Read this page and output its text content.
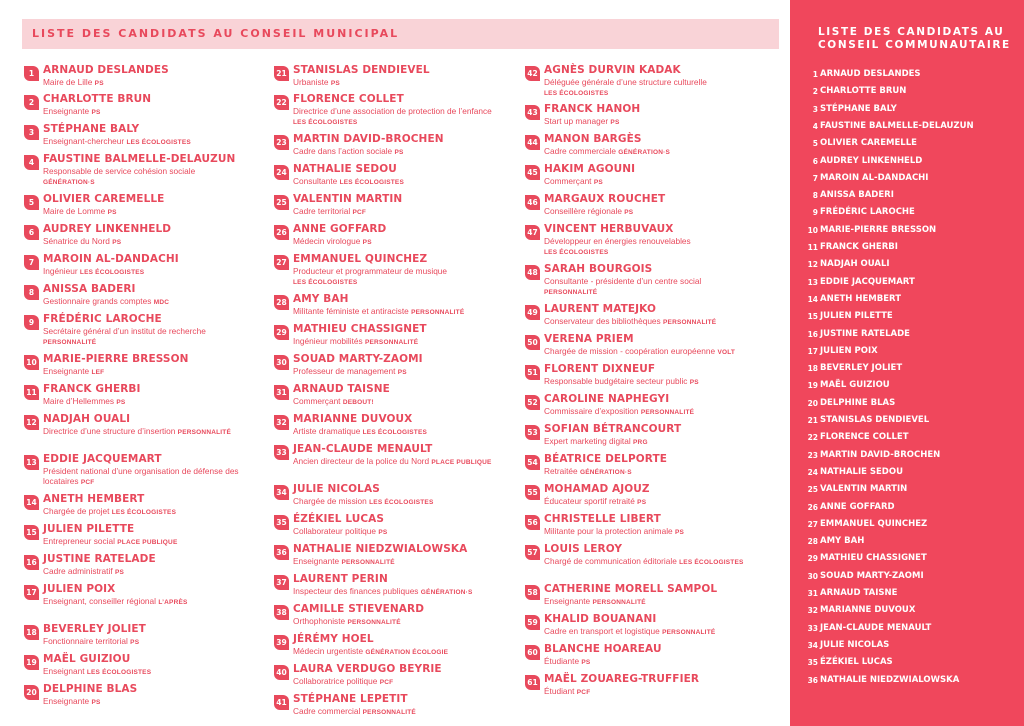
LISTE DES CANDIDATS AU CONSEIL MUNICIPAL
1 ARNAUD DESLANDES
Maire de Lille PS
2 CHARLOTTE BRUN
Enseignante PS
3 STÉPHANE BALY
Enseignant-chercheur LES ÉCOLOGISTES
4 FAUSTINE BALMELLE-DELAUZUN
Responsable de service cohésion sociale GÉNÉRATION·S
5 OLIVIER CAREMELLE
Maire de Lomme PS
6 AUDREY LINKENHELD
Sénatrice du Nord PS
7 MAROIN AL-DANDACHI
Ingénieur LES ÉCOLOGISTES
8 ANISSA BADERI
Gestionnaire grands comptes MDC
9 FRÉDÉRIC LAROCHE
Secrétaire général d’un institut de recherche PERSONNALITÉ
10 MARIE-PIERRE BRESSON
Enseignante LEF
11 FRANCK GHERBI
Maire d’Hellemmes PS
12 NADJAH OUALI
Directrice d’une structure d’insertion PERSONNALITÉ
13 EDDIE JACQUEMART
Président national d’une organisation de défense des locataires PCF
14 ANETH HEMBERT
Chargée de projet LES ÉCOLOGISTES
15 JULIEN PILETTE
Entrepreneur social PLACE PUBLIQUE
16 JUSTINE RATELADE
Cadre administratif PS
17 JULIEN POIX
Enseignant, conseiller régional L’APRÈS
18 BEVERLEY JOLIET
Fonctionnaire territorial PS
19 MAËL GUIZIOU
Enseignant LES ÉCOLOGISTES
20 DELPHINE BLAS
Enseignante PS
21 STANISLAS DENDIEVEL
Urbaniste PS
22 FLORENCE COLLET
Directrice d’une association de protection de l’enfance LES ÉCOLOGISTES
23 MARTIN DAVID-BROCHEN
Cadre dans l’action sociale PS
24 NATHALIE SEDOU
Consultante LES ÉCOLOGISTES
25 VALENTIN MARTIN
Cadre territorial PCF
26 ANNE GOFFARD
Médecin virologue PS
27 EMMANUEL QUINCHEZ
Producteur et programmateur de musique LES ÉCOLOGISTES
28 AMY BAH
Militante féministe et antiraciste PERSONNALITÉ
29 MATHIEU CHASSIGNET
Ingénieur mobilités PERSONNALITÉ
30 SOUAD MARTY-ZAOMI
Professeur de management PS
31 ARNAUD TAISNE
Commerçant DEBOUT!
32 MARIANNE DUVOUX
Artiste dramatique LES ÉCOLOGISTES
33 JEAN-CLAUDE MENAULT
Ancien directeur de la police du Nord PLACE PUBLIQUE
34 JULIE NICOLAS
Chargée de mission LES ÉCOLOGISTES
35 ÉZÉKIEL LUCAS
Collaborateur politique PS
36 NATHALIE NIEDZWIALOWSKA
Enseignante PERSONNALITÉ
37 LAURENT PERIN
Inspecteur des finances publiques GÉNÉRATION·S
38 CAMILLE STIEVENARD
Orthophoniste PERSONNALITÉ
39 JÉRÉMY HOEL
Médecin urgentiste GÉNÉRATION ÉCOLOGIE
40 LAURA VERDUGO BEYRIE
Collaboratrice politique PCF
41 STÉPHANE LEPETIT
Cadre commercial PERSONNALITÉ
42 AGNÈS DURVIN KADAK
Déléguée générale d’une structure culturelle LES ÉCOLOGISTES
43 FRANCK HANOH
Start up manager PS
44 MANON BARGÈS
Cadre commerciale GÉNÉRATION·S
45 HAKIM AGOUNI
Commerçant PS
46 MARGAUX ROUCHET
Conseillère régionale PS
47 VINCENT HERBUVAUX
Développeur en énergies renouvelables LES ÉCOLOGISTES
48 SARAH BOURGOIS
Consultante - présidente d’un centre social PERSONNALITÉ
49 LAURENT MATEJKO
Conservateur des bibliothèques PERSONNALITÉ
50 VERENA PRIEM
Chargée de mission - coopération européenne VOLT
51 FLORENT DIXNEUF
Responsable budgétaire secteur public PS
52 CAROLINE NAPHEGYI
Commissaire d’exposition PERSONNALITÉ
53 SOFIAN BÉTRANCOURT
Expert marketing digital PRG
54 BÉATRICE DELPORTE
Retraitée GÉNÉRATION·S
55 MOHAMAD AJOUZ
Éducateur sportif retraité PS
56 CHRISTELLE LIBERT
Militante pour la protection animale PS
57 LOUIS LEROY
Chargé de communication éditoriale LES ÉCOLOGISTES
58 CATHERINE MORELL SAMPOL
Enseignante PERSONNALITÉ
59 KHALID BOUANANI
Cadre en transport et logistique PERSONNALITÉ
60 BLANCHE HOAREAU
Étudiante PS
61 MAËL ZOUAREG-TRUFFIER
Étudiant PCF
LISTE DES CANDIDATS AU CONSEIL COMMUNAUTAIRE
1 ARNAUD DESLANDES
2 CHARLOTTE BRUN
3 STÉPHANE BALY
4 FAUSTINE BALMELLE-DELAUZUN
5 OLIVIER CAREMELLE
6 AUDREY LINKENHELD
7 MAROIN AL-DANDACHI
8 ANISSA BADERI
9 FRÉDÉRIC LAROCHE
10 MARIE-PIERRE BRESSON
11 FRANCK GHERBI
12 NADJAH OUALI
13 EDDIE JACQUEMART
14 ANETH HEMBERT
15 JULIEN PILETTE
16 JUSTINE RATELADE
17 JULIEN POIX
18 BEVERLEY JOLIET
19 MAËL GUIZIOU
20 DELPHINE BLAS
21 STANISLAS DENDIEVEL
22 FLORENCE COLLET
23 MARTIN DAVID-BROCHEN
24 NATHALIE SEDOU
25 VALENTIN MARTIN
26 ANNE GOFFARD
27 EMMANUEL QUINCHEZ
28 AMY BAH
29 MATHIEU CHASSIGNET
30 SOUAD MARTY-ZAOMI
31 ARNAUD TAISNE
32 MARIANNE DUVOUX
33 JEAN-CLAUDE MENAULT
34 JULIE NICOLAS
35 ÉZÉKIEL LUCAS
36 NATHALIE NIEDZWIALOWSKA
